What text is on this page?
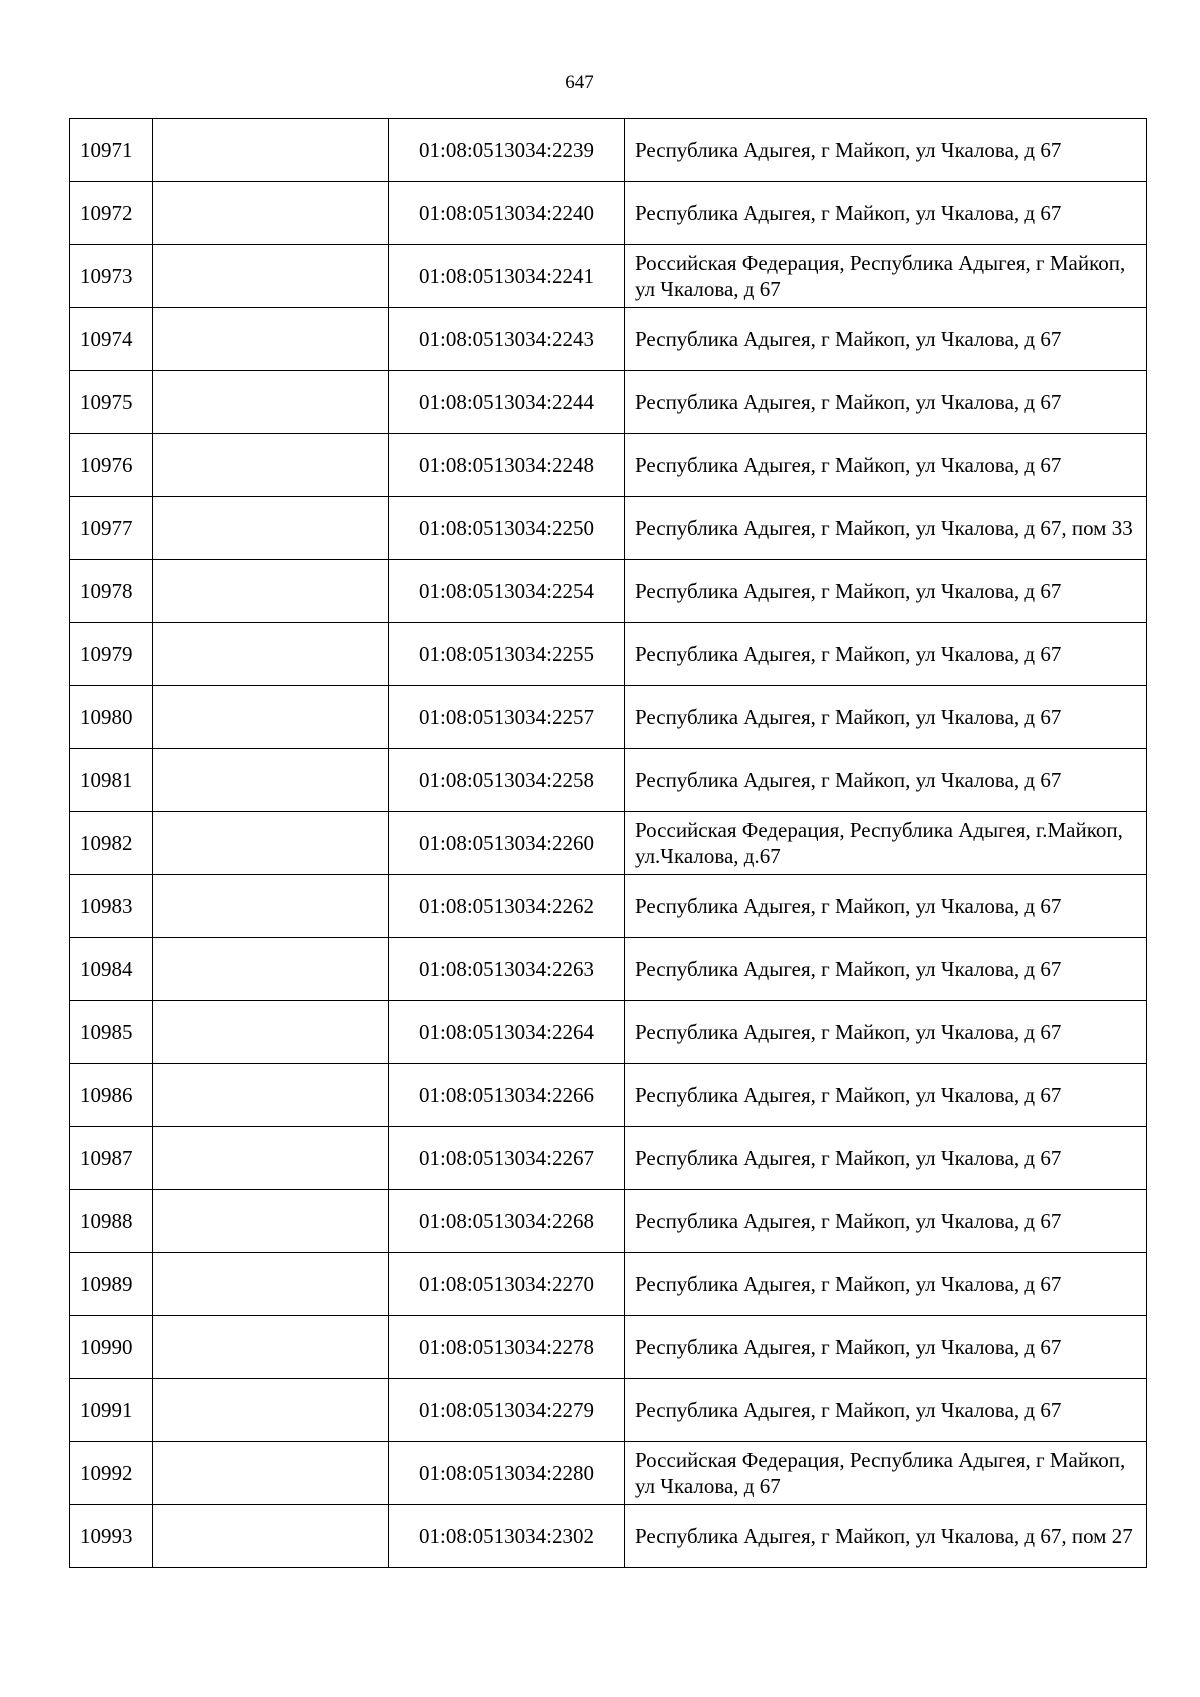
647
10971		01:08:0513034:2239	Республика Адыгея, г Майкоп, ул Чкалова, д 67
10972		01:08:0513034:2240	Республика Адыгея, г Майкоп, ул Чкалова, д 67
10973		01:08:0513034:2241	Российская Федерация, Республика Адыгея, г Майкоп, ул Чкалова, д 67
10974		01:08:0513034:2243	Республика Адыгея, г Майкоп, ул Чкалова, д 67
10975		01:08:0513034:2244	Республика Адыгея, г Майкоп, ул Чкалова, д 67
10976		01:08:0513034:2248	Республика Адыгея, г Майкоп, ул Чкалова, д 67
10977		01:08:0513034:2250	Республика Адыгея, г Майкоп, ул Чкалова, д 67, пом 33
10978		01:08:0513034:2254	Республика Адыгея, г Майкоп, ул Чкалова, д 67
10979		01:08:0513034:2255	Республика Адыгея, г Майкоп, ул Чкалова, д 67
10980		01:08:0513034:2257	Республика Адыгея, г Майкоп, ул Чкалова, д 67
10981		01:08:0513034:2258	Республика Адыгея, г Майкоп, ул Чкалова, д 67
10982		01:08:0513034:2260	Российская Федерация, Республика Адыгея, г.Майкоп, ул.Чкалова, д.67
10983		01:08:0513034:2262	Республика Адыгея, г Майкоп, ул Чкалова, д 67
10984		01:08:0513034:2263	Республика Адыгея, г Майкоп, ул Чкалова, д 67
10985		01:08:0513034:2264	Республика Адыгея, г Майкоп, ул Чкалова, д 67
10986		01:08:0513034:2266	Республика Адыгея, г Майкоп, ул Чкалова, д 67
10987		01:08:0513034:2267	Республика Адыгея, г Майкоп, ул Чкалова, д 67
10988		01:08:0513034:2268	Республика Адыгея, г Майкоп, ул Чкалова, д 67
10989		01:08:0513034:2270	Республика Адыгея, г Майкоп, ул Чкалова, д 67
10990		01:08:0513034:2278	Республика Адыгея, г Майкоп, ул Чкалова, д 67
10991		01:08:0513034:2279	Республика Адыгея, г Майкоп, ул Чкалова, д 67
10992		01:08:0513034:2280	Российская Федерация, Республика Адыгея, г Майкоп, ул Чкалова, д 67
10993		01:08:0513034:2302	Республика Адыгея, г Майкоп, ул Чкалова, д 67, пом 27
